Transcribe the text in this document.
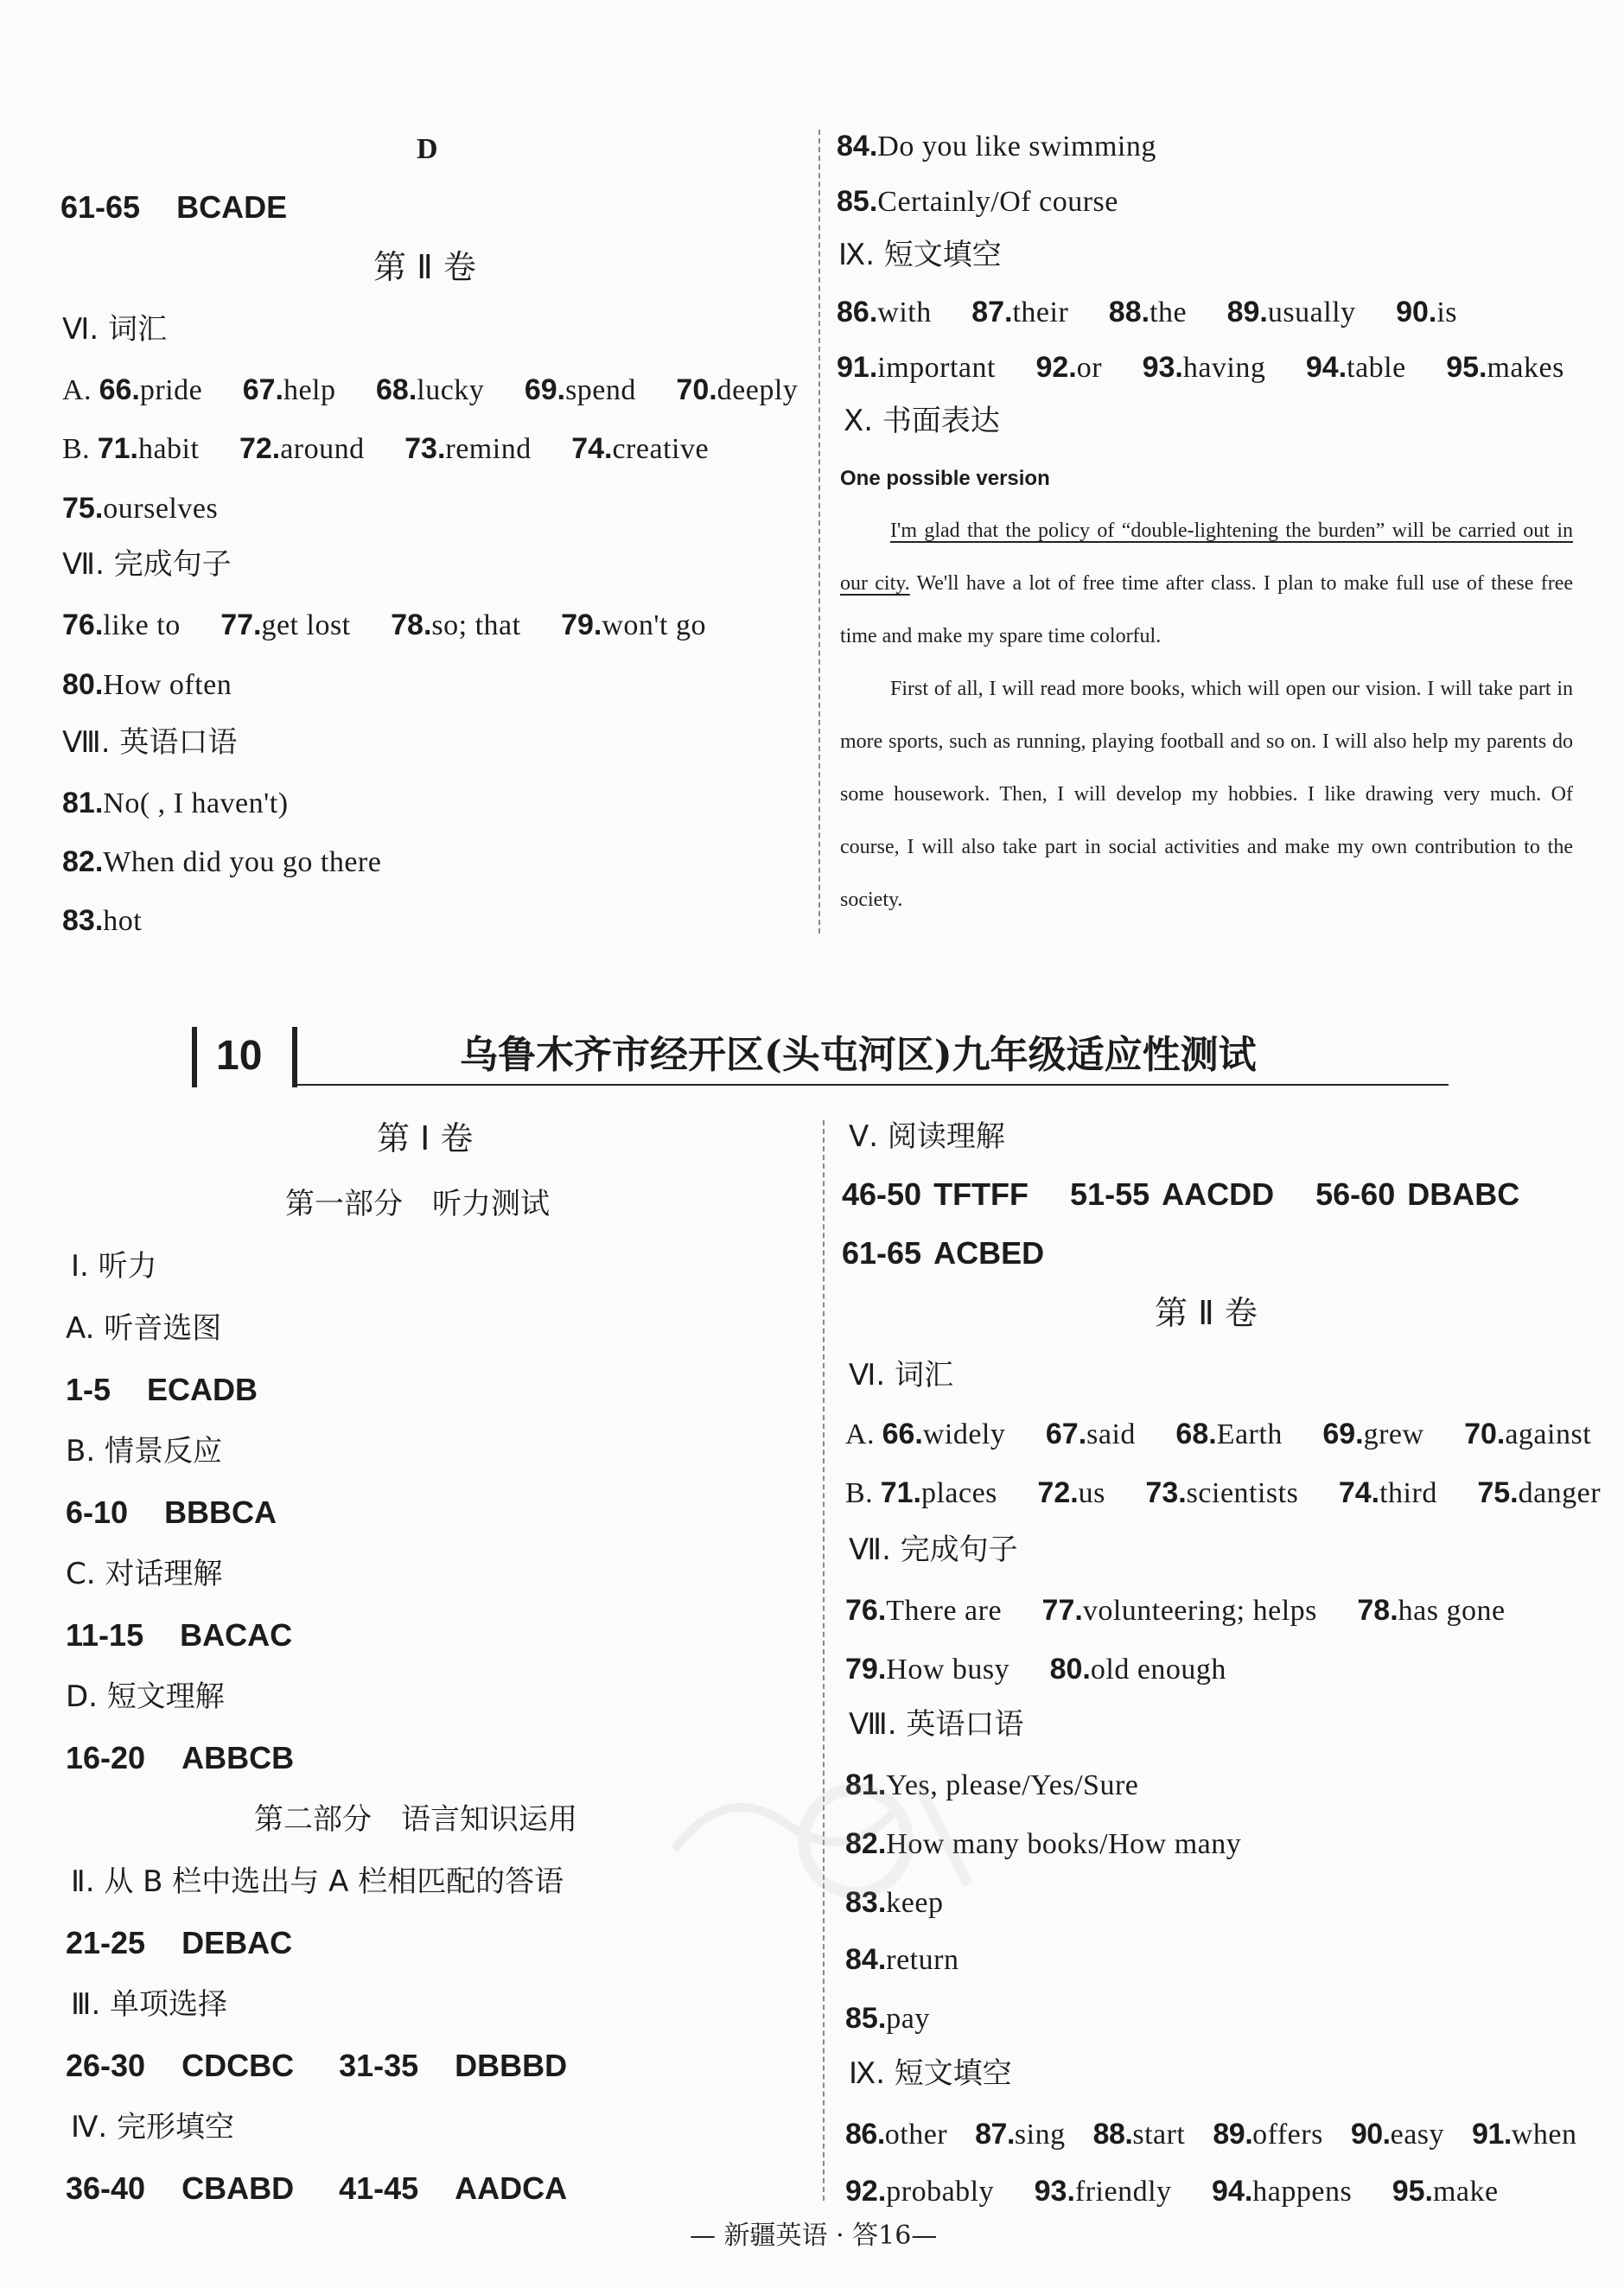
D
61-65 BCADE
第 Ⅱ 卷
Ⅵ. 词汇
A. 66.pride 67.help 68.lucky 69.spend 70.deeply
B. 71.habit 72.around 73.remind 74.creative
75.ourselves
Ⅶ. 完成句子
76.like to 77.get lost 78.so; that 79.won't go
80.How often
Ⅷ. 英语口语
81.No( , I haven't)
82.When did you go there
83.hot
84.Do you like swimming
85.Certainly/Of course
Ⅸ. 短文填空
86.with 87.their 88.the 89.usually 90.is
91.important 92.or 93.having 94.table 95.makes
Ⅹ. 书面表达
One possible version

I'm glad that the policy of “double-lightening the burden” will be carried out in our city. We'll have a lot of free time after class. I plan to make full use of these free time and make my spare time colorful.

First of all, I will read more books, which will open our vision. I will take part in more sports, such as running, playing football and so on. I will also help my parents do some housework. Then, I will develop my hobbies. I like drawing very much. Of course, I will also take part in social activities and make my own contribution to the society.

10	乌鲁木齐市经开区(头屯河区)九年级适应性测试
第 Ⅰ 卷
第一部分　听力测试
Ⅰ. 听力
A. 听音选图
1-5 ECADB
B. 情景反应
6-10 BBBCA
C. 对话理解
11-15 BACAC
D. 短文理解
16-20 ABBCB
第二部分　语言知识运用
Ⅱ. 从 B 栏中选出与 A 栏相匹配的答语
21-25 DEBAC
Ⅲ. 单项选择
26-30 CDCBC 31-35 DBBBD
Ⅳ. 完形填空
36-40 CBABD 41-45 AADCA
Ⅴ. 阅读理解
46-50 TFTFF 51-55 AACDD 56-60 DBABC
61-65 ACBED
第 Ⅱ 卷
Ⅵ. 词汇
A. 66.widely 67.said 68.Earth 69.grew 70.against
B. 71.places 72.us 73.scientists 74.third 75.danger
Ⅶ. 完成句子
76.There are 77.volunteering; helps 78.has gone
79.How busy 80.old enough
Ⅷ. 英语口语
81.Yes, please/Yes/Sure
82.How many books/How many
83.keep
84.return
85.pay
Ⅸ. 短文填空
86.other 87.sing 88.start 89.offers 90.easy 91.when
92.probably 93.friendly 94.happens 95.make
— 新疆英语 · 答16—
